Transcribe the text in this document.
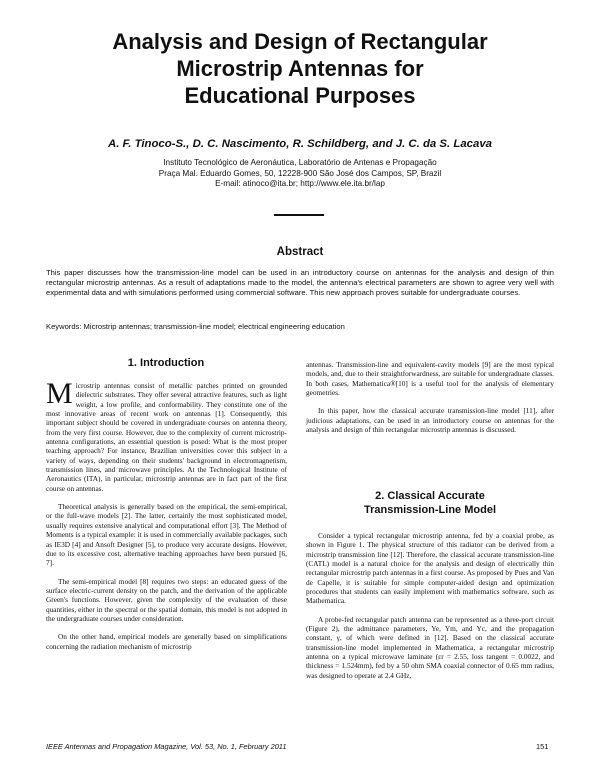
Analysis and Design of Rectangular
Microstrip Antennas for
Educational Purposes

A. F. Tinoco-S., D. C. Nascimento, R. Schildberg, and J. C. da S. Lacava

Instituto Tecnológico de Aeronáutica, Laboratório de Antenas e Propagação
Praça Mal. Eduardo Gomes, 50, 12228-900 São José dos Campos, SP, Brazil
E-mail: atinoco@ita.br; http://www.ele.ita.br/lap
Abstract

This paper discusses how the transmission-line model can be used in an introductory course on antennas for the analysis and design of thin rectangular microstrip antennas. As a result of adaptations made to the model, the antenna's electrical parameters are shown to agree very well with experimental data and with simulations performed using commercial software. This new approach proves suitable for undergraduate courses.

Keywords: Microstrip antennas; transmission-line model; electrical engineering education

1. Introduction

Microstrip antennas consist of metallic patches printed on grounded dielectric substrates. They offer several attractive features, such as light weight, a low profile, and conformability. They constitute one of the most innovative areas of recent work on antennas [1]. Consequently, this important subject should be covered in undergraduate courses on antenna theory, from the very first course. However, due to the complexity of current microstrip-antenna configurations, an essential question is posed: What is the most proper teaching approach? For instance, Brazilian universities cover this subject in a variety of ways, depending on their students' background in electromagnetism, transmission lines, and microwave principles. At the Technological Institute of Aeronautics (ITA), in particular, microstrip antennas are in fact part of the first course on antennas.

Theoretical analysis is generally based on the empirical, the semi-empirical, or the full-wave models [2]. The latter, certainly the most sophisticated model, usually requires extensive analytical and computational effort [3]. The Method of Moments is a typical example: it is used in commercially available packages, such as IE3D [4] and Ansoft Designer [5], to produce very accurate designs. However, due to its excessive cost, alternative teaching approaches have been pursued [6, 7].

The semi-empirical model [8] requires two steps: an educated guess of the surface electric-current density on the patch, and the derivation of the applicable Green's functions. However, given the complexity of the evaluation of these quantities, either in the spectral or the spatial domain, this model is not adopted in the undergraduate courses under consideration.

On the other hand, empirical models are generally based on simplifications concerning the radiation mechanism of microstrip

antennas. Transmission-line and equivalent-cavity models [9] are the most typical models, and, due to their straightforwardness, are suitable for undergraduate classes. In both cases, Mathematica®[10] is a useful tool for the analysis of elementary geometries.

In this paper, how the classical accurate transmission-line model [11], after judicious adaptations, can be used in an introductory course on antennas for the analysis and design of thin rectangular microstrip antennas is discussed.

2. Classical Accurate
Transmission-Line Model

Consider a typical rectangular microstrip antenna, fed by a coaxial probe, as shown in Figure 1. The physical structure of this radiator can be derived from a microstrip transmission line [12]. Therefore, the classical accurate transmission-line (CATL) model is a natural choice for the analysis and design of electrically thin rectangular microstrip patch antennas in a first course. As proposed by Pues and Van de Capelle, it is suitable for simple computer-aided design and optimization procedures that students can easily implement with mathematics software, such as Mathematica.

A probe-fed rectangular patch antenna can be represented as a three-port circuit (Figure 2), the admittance parameters, Ye, Ym, and Yc, and the propagation constant, γ, of which were defined in [12]. Based on the classical accurate transmission-line model implemented in Mathematica, a rectangular microstrip antenna on a typical microwave laminate (εr = 2.55, loss tangent = 0.0022, and thickness = 1.524mm), fed by a 50 ohm SMA coaxial connector of 0.65 mm radius, was designed to operate at 2.4 GHz,

IEEE Antennas and Propagation Magazine, Vol. 53, No. 1, February 2011	151
